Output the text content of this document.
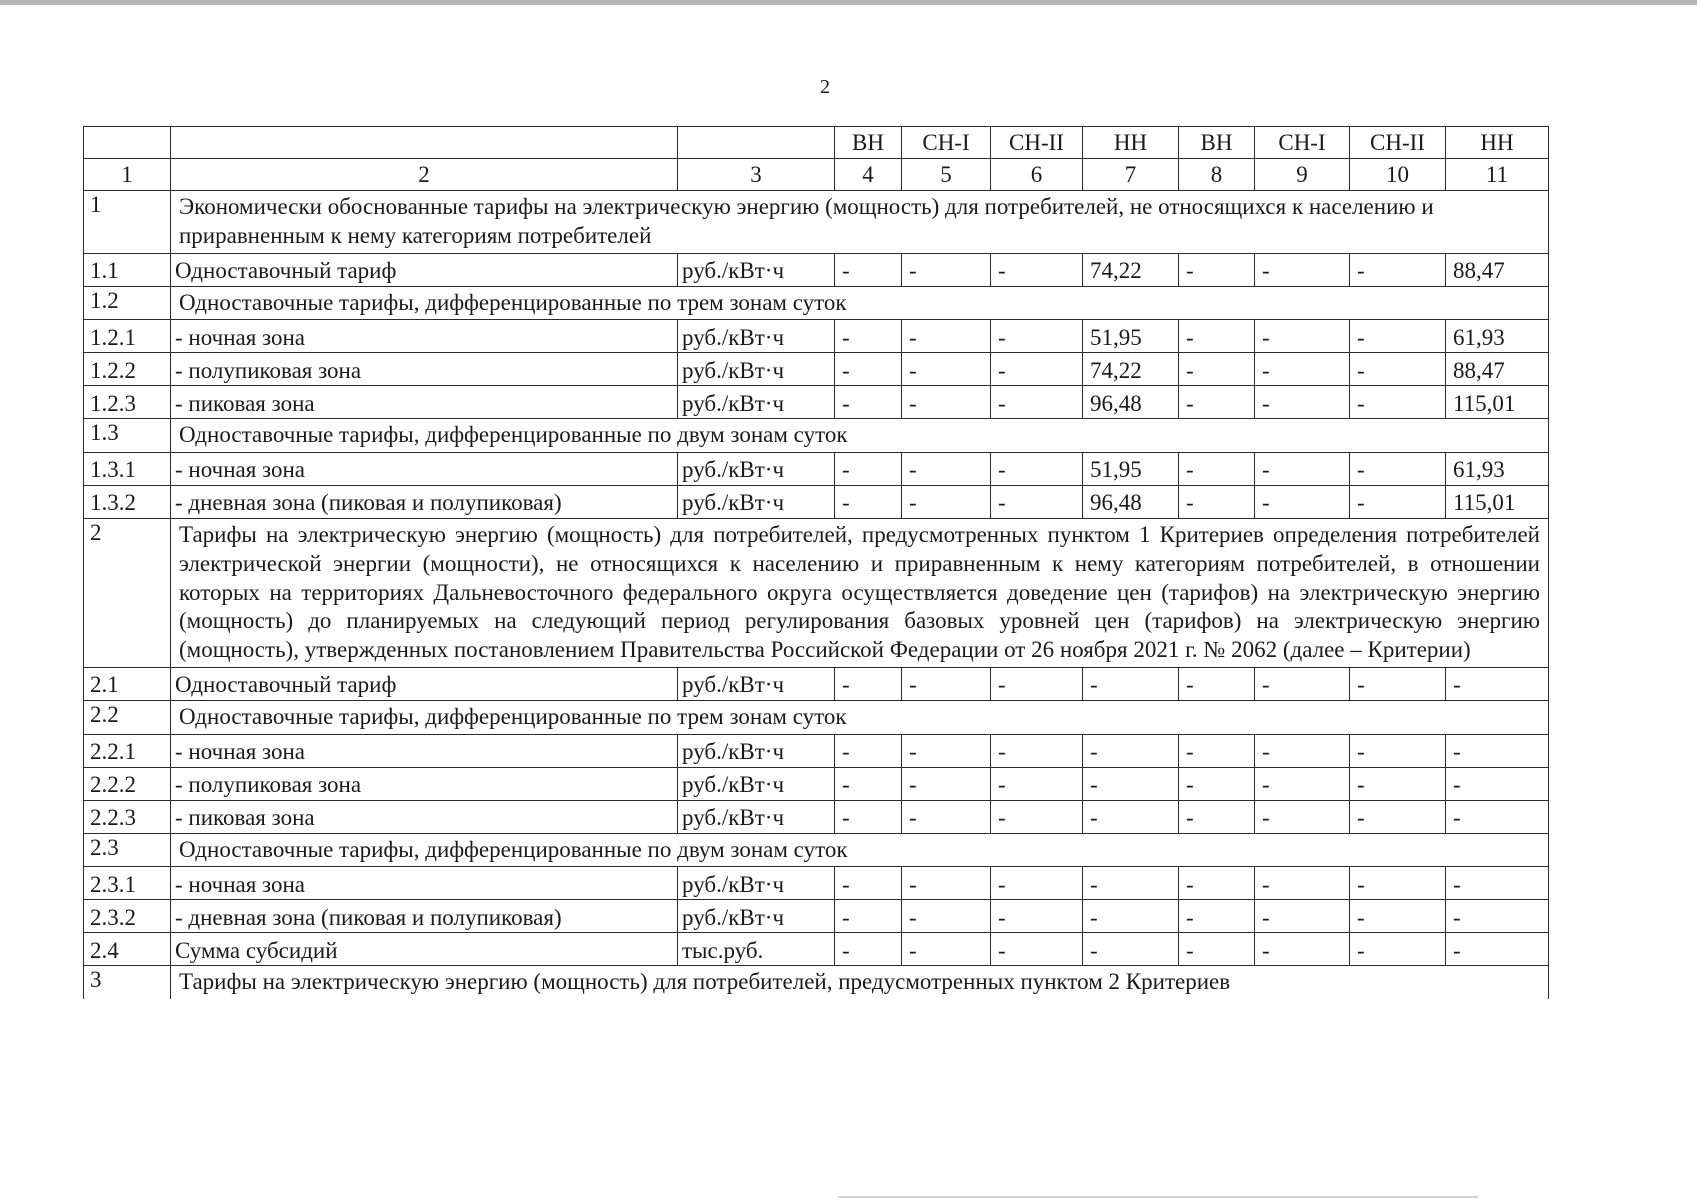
2
			ВН	СН-I	СН-II	НН	ВН	СН-I	СН-II	НН
1	2	3	4	5	6	7	8	9	10	11
1	Экономически обоснованные тарифы на электрическую энергию (мощность) для потребителей, не относящихся к населению и приравненным к нему категориям потребителей									
1.1	Одноставочный тариф	руб./кВт·ч	-	-	-	74,22	-	-	-	88,47
1.2	Одноставочные тарифы, дифференцированные по трем зонам суток									
1.2.1	- ночная зона	руб./кВт·ч	-	-	-	51,95	-	-	-	61,93
1.2.2	- полупиковая зона	руб./кВт·ч	-	-	-	74,22	-	-	-	88,47
1.2.3	- пиковая зона	руб./кВт·ч	-	-	-	96,48	-	-	-	115,01
1.3	Одноставочные тарифы, дифференцированные по двум зонам суток									
1.3.1	- ночная зона	руб./кВт·ч	-	-	-	51,95	-	-	-	61,93
1.3.2	- дневная зона (пиковая и полупиковая)	руб./кВт·ч	-	-	-	96,48	-	-	-	115,01
2	Тарифы на электрическую энергию (мощность) для потребителей, предусмотренных пунктом 1 Критериев определения потребителей электрической энергии (мощности), не относящихся к населению и приравненным к нему категориям потребителей, в отношении которых на территориях Дальневосточного федерального округа осуществляется доведение цен (тарифов) на электрическую энергию (мощность) до планируемых на следующий период регулирования базовых уровней цен (тарифов) на электрическую энергию (мощность), утвержденных постановлением Правительства Российской Федерации от 26 ноября 2021 г. № 2062 (далее – Критерии)									
2.1	Одноставочный тариф	руб./кВт·ч	-	-	-	-	-	-	-	-
2.2	Одноставочные тарифы, дифференцированные по трем зонам суток									
2.2.1	- ночная зона	руб./кВт·ч	-	-	-	-	-	-	-	-
2.2.2	- полупиковая зона	руб./кВт·ч	-	-	-	-	-	-	-	-
2.2.3	- пиковая зона	руб./кВт·ч	-	-	-	-	-	-	-	-
2.3	Одноставочные тарифы, дифференцированные по двум зонам суток									
2.3.1	- ночная зона	руб./кВт·ч	-	-	-	-	-	-	-	-
2.3.2	- дневная зона (пиковая и полупиковая)	руб./кВт·ч	-	-	-	-	-	-	-	-
2.4	Сумма субсидий	тыс.руб.	-	-	-	-	-	-	-	-
3	Тарифы на электрическую энергию (мощность) для потребителей, предусмотренных пунктом 2 Критериев									
